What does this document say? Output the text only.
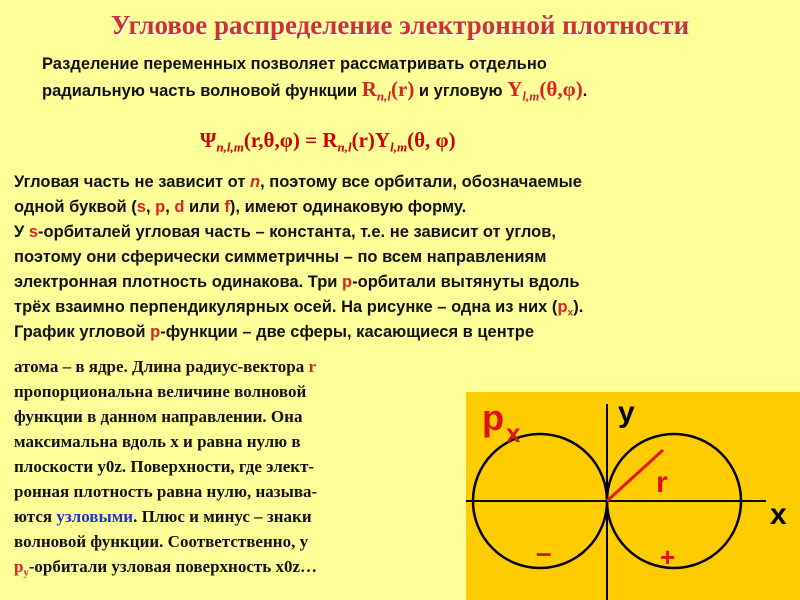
Угловое распределение электронной плотности
Разделение переменных позволяет рассматривать отдельно
радиальную часть волновой функции $R_{n,l}(r)$ и угловую $Y_{l,m}(\theta,\varphi)$.
$\Psi_{n,l,m}(r,\theta,\varphi) = R_{n,l}(r)Y_{l,m}(\theta$, φ)
Угловая часть не зависит от n, поэтому все орбитали, обозначаемые
одной буквой (s, p, d или f), имеют одинаковую форму.
У s-орбиталей угловая часть – константа, т.е. не зависит от углов,
поэтому они сферически симметричны – по всем направлениям
электронная плотность одинакова. Три p-орбитали вытянуты вдоль
трёх взаимно перпендикулярных осей. На рисунке – одна из них $(p_x)$.
График угловой p-функции – две сферы, касающиеся в центре
атома – в ядре. Длина радиус-вектора r
пропорциональна величине волновой
функции в данном направлении. Она
максимальна вдоль x и равна нулю в
плоскости y0z. Поверхности, где элект-
ронная плотность равна нулю, называ-
ются узловыми. Плюс и минус – знаки
волновой функции. Соответственно, у
$p_y$-орбитали узловая поверхность x0z…
p x
y
x
r
–	+
